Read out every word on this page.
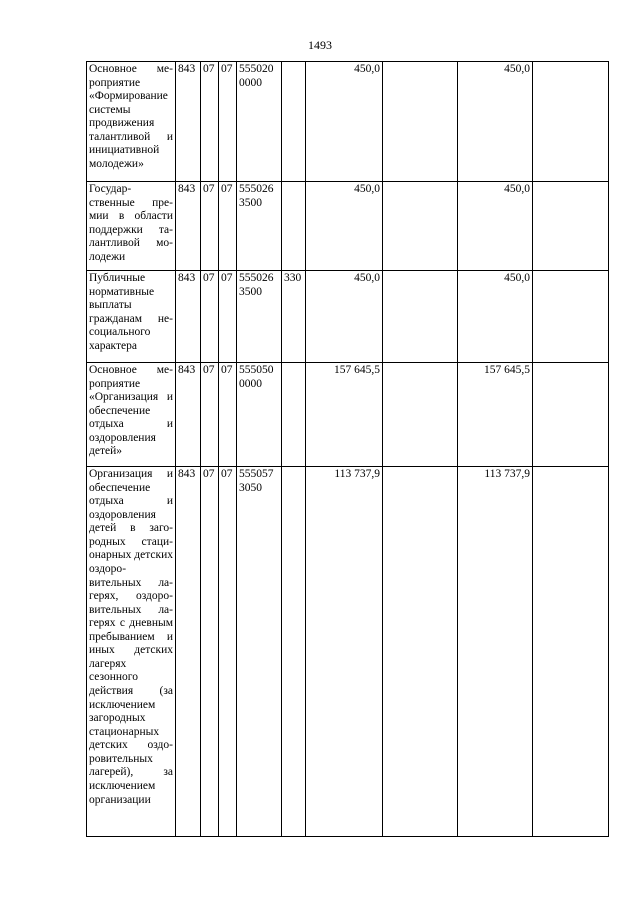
1493
Основное мероприятие «Формирование системы продвижения талантливой и инициативной молодежи»	843	07	07	555020
0000		450,0		450,0	
Государственные премии в области поддержки талантливой молодежи	843	07	07	555026
3500		450,0		450,0	
Публичные нормативные выплаты гражданам несоциального характера	843	07	07	555026
3500	330	450,0		450,0	
Основное мероприятие «Организация и обеспечение отдыха и оздоровления детей»	843	07	07	555050
0000		157 645,5		157 645,5	
Организация и обеспечение отдыха и оздоровления детей в загородных стационарных детских оздоровительных лагерях, оздоровительных лагерях с дневным пребыванием и иных детских лагерях сезонного действия (за исключением загородных стационарных детских оздоровительных лагерей), за исключением организации	843	07	07	555057
3050		113 737,9		113 737,9	
